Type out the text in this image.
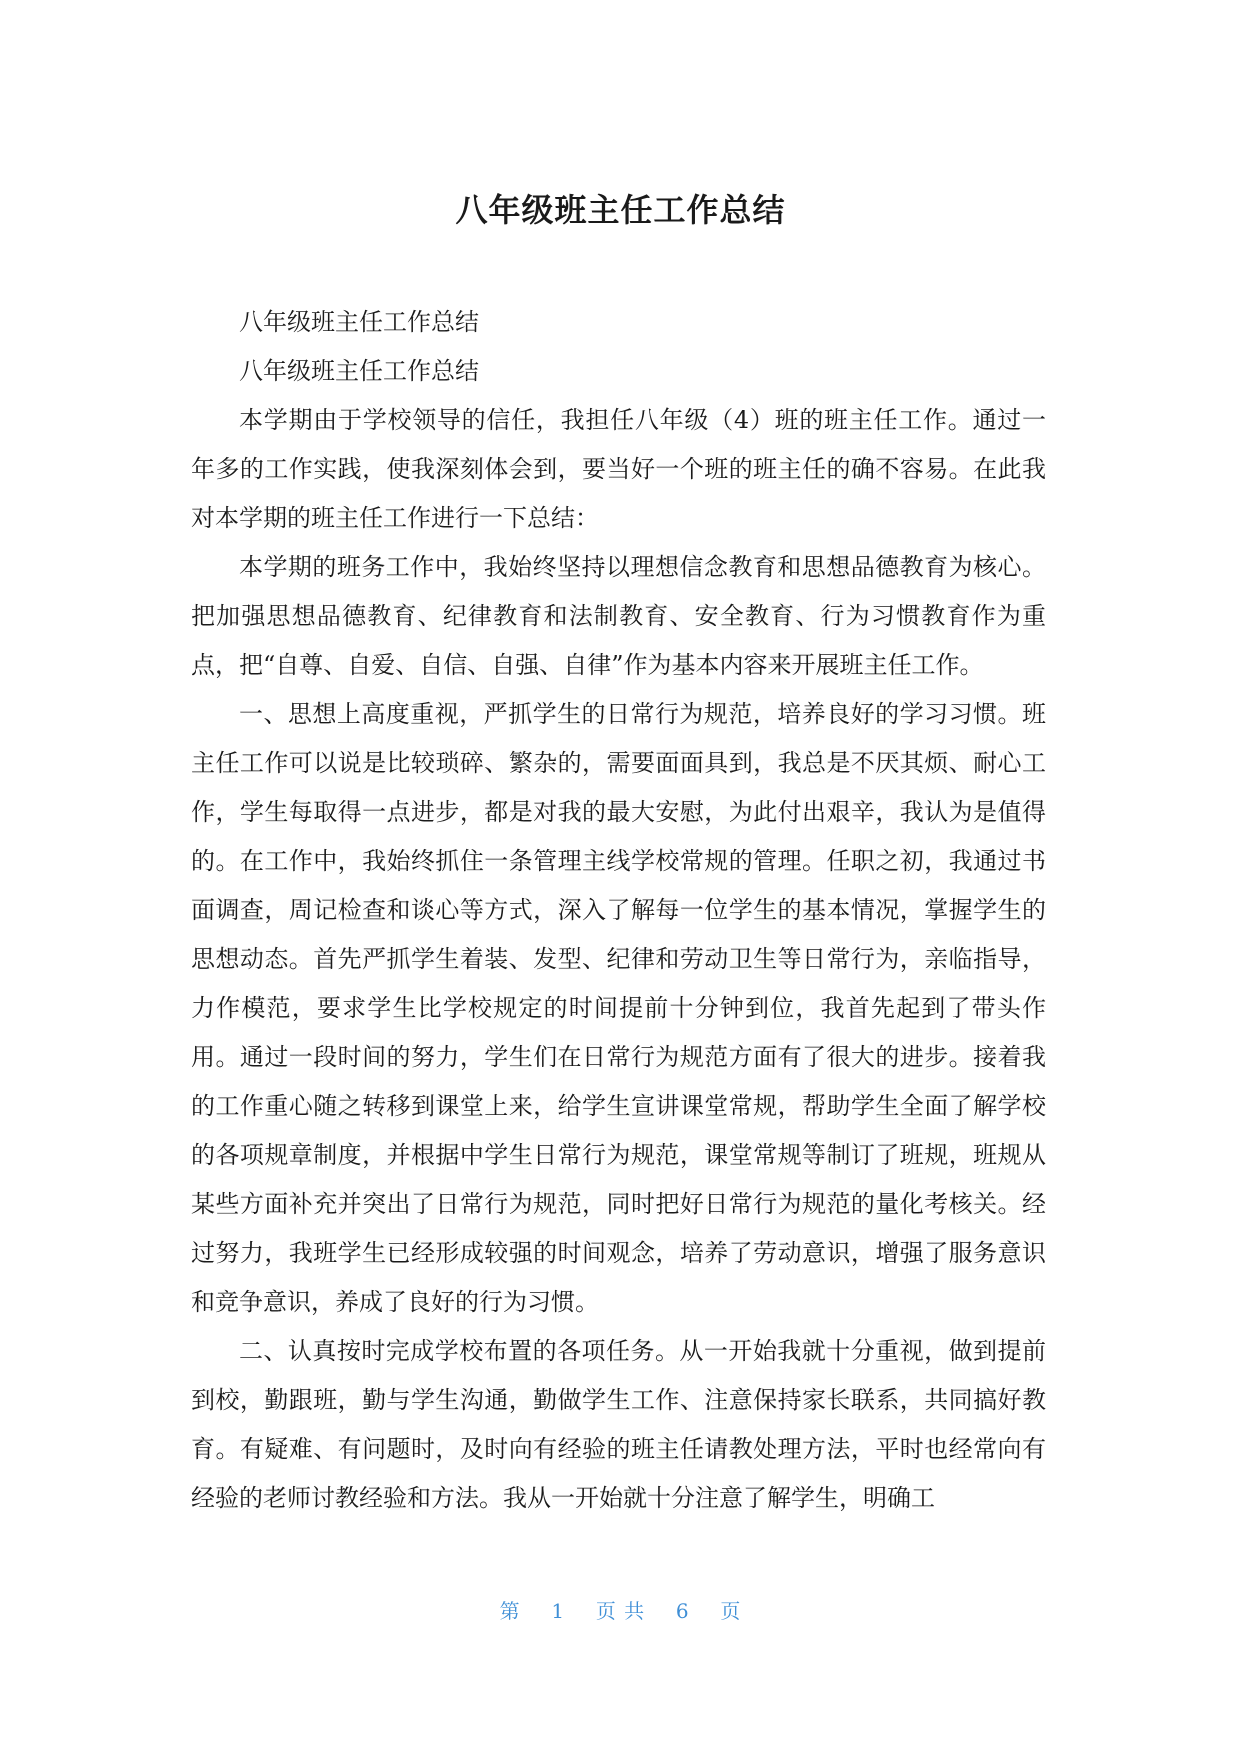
八年级班主任工作总结

八年级班主任工作总结

八年级班主任工作总结

本学期由于学校领导的信任，我担任八年级（4）班的班主任工作。通过一年多的工作实践，使我深刻体会到，要当好一个班的班主任的确不容易。在此我对本学期的班主任工作进行一下总结：

本学期的班务工作中，我始终坚持以理想信念教育和思想品德教育为核心。把加强思想品德教育、纪律教育和法制教育、安全教育、行为习惯教育作为重点，把“自尊、自爱、自信、自强、自律”作为基本内容来开展班主任工作。

一、思想上高度重视，严抓学生的日常行为规范，培养良好的学习习惯。班主任工作可以说是比较琐碎、繁杂的，需要面面具到，我总是不厌其烦、耐心工作，学生每取得一点进步，都是对我的最大安慰，为此付出艰辛，我认为是值得的。在工作中，我始终抓住一条管理主线学校常规的管理。任职之初，我通过书面调查，周记检查和谈心等方式，深入了解每一位学生的基本情况，掌握学生的思想动态。首先严抓学生着装、发型、纪律和劳动卫生等日常行为，亲临指导，力作模范，要求学生比学校规定的时间提前十分钟到位，我首先起到了带头作用。通过一段时间的努力，学生们在日常行为规范方面有了很大的进步。接着我的工作重心随之转移到课堂上来，给学生宣讲课堂常规，帮助学生全面了解学校的各项规章制度，并根据中学生日常行为规范，课堂常规等制订了班规，班规从某些方面补充并突出了日常行为规范，同时把好日常行为规范的量化考核关。经过努力，我班学生已经形成较强的时间观念，培养了劳动意识，增强了服务意识和竞争意识，养成了良好的行为习惯。

二、认真按时完成学校布置的各项任务。从一开始我就十分重视，做到提前到校，勤跟班，勤与学生沟通，勤做学生工作、注意保持家长联系，共同搞好教育。有疑难、有问题时，及时向有经验的班主任请教处理方法，平时也经常向有经验的老师讨教经验和方法。我从一开始就十分注意了解学生，明确工

第 1 页 共 6 页
